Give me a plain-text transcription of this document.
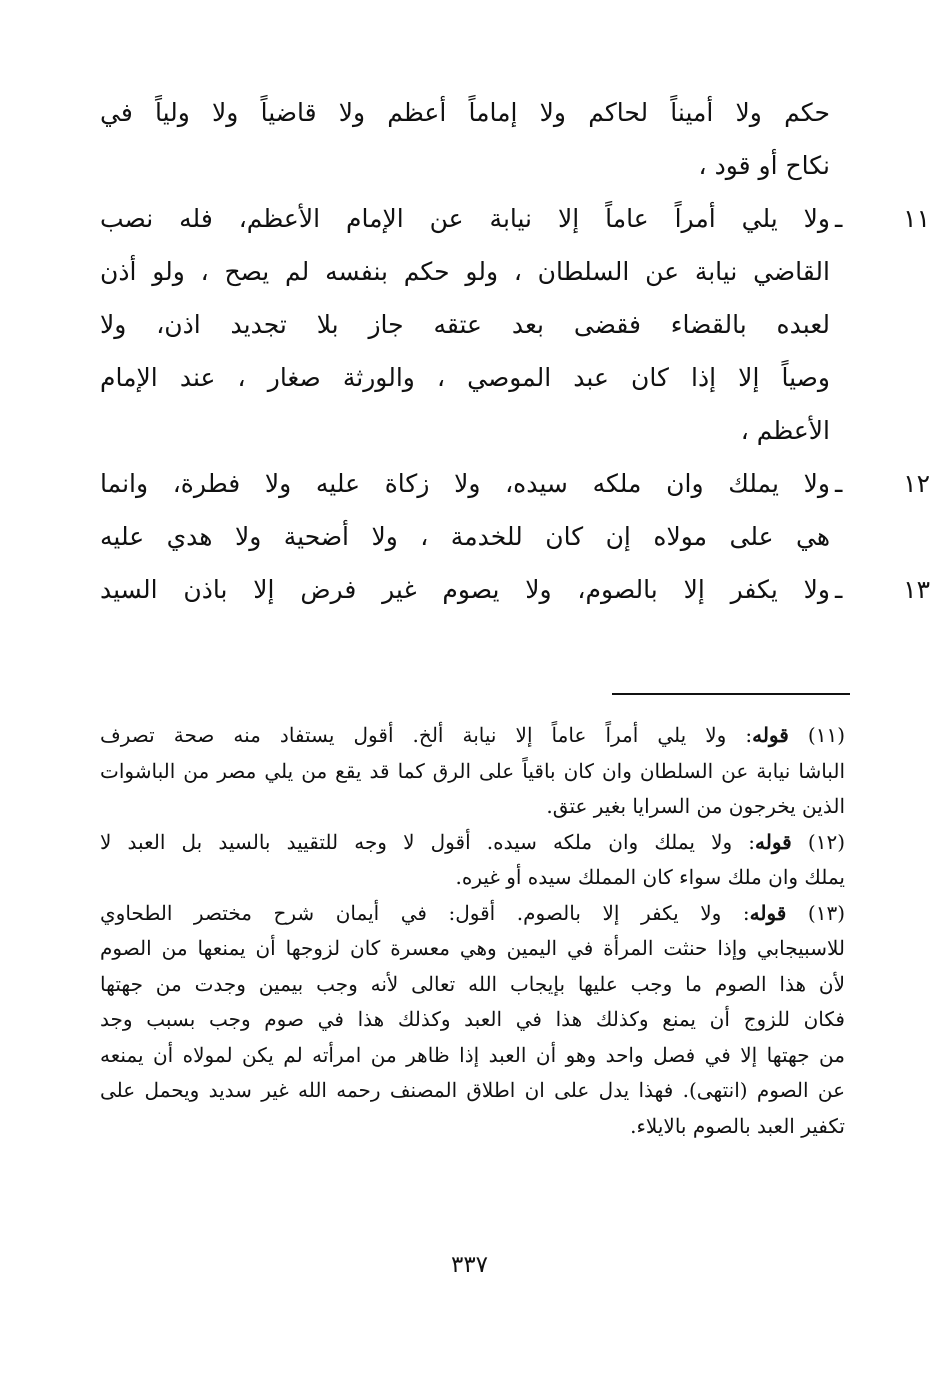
حكم ولا أميناً لحاكم ولا إماماً أعظم ولا قاضياً ولا ولياً في
نكاح أو قود ،
١١ ـ
ولا يلي أمراً عاماً إلا نيابة عن الإمام الأعظم، فله نصب
القاضي نيابة عن السلطان ، ولو حكم بنفسه لم يصح ، ولو أذن
لعبده بالقضاء فقضى بعد عتقه جاز بلا تجديد اذن، ولا
وصياً إلا إذا كان عبد الموصي ، والورثة صغار ، عند الإمام
الأعظم ،
١٢ ـ
ولا يملك وان ملكه سيده، ولا زكاة عليه ولا فطرة، وانما
هي على مولاه إن كان للخدمة ، ولا أضحية ولا هدي عليه
١٣ ـ
ولا يكفر إلا بالصوم، ولا يصوم غير فرض إلا باذن السيد
(١١) قوله: ولا يلي أمراً عاماً إلا نيابة ألخ. أقول يستفاد منه صحة تصرف
الباشا نيابة عن السلطان وان كان باقياً على الرق كما قد يقع من يلي مصر من الباشوات
الذين يخرجون من السرايا بغير عتق.
(١٢) قوله: ولا يملك وان ملكه سيده. أقول لا وجه للتقييد بالسيد بل العبد لا
يملك وان ملك سواء كان المملك سيده أو غيره.
(١٣) قوله: ولا يكفر إلا بالصوم. أقول: في أيمان شرح مختصر الطحاوي
للاسبيجابي وإذا حنثت المرأة في اليمين وهي معسرة كان لزوجها أن يمنعها من الصوم
لأن هذا الصوم ما وجب عليها بإيجاب الله تعالى لأنه وجب بيمين وجدت من جهتها
فكان للزوج أن يمنع وكذلك هذا في العبد وكذلك هذا في صوم وجب بسبب وجد
من جهتها إلا في فصل واحد وهو أن العبد إذا ظاهر من امرأته لم يكن لمولاه أن يمنعه
عن الصوم (انتهى). فهذا يدل على ان اطلاق المصنف رحمه الله غير سديد ويحمل على
تكفير العبد بالصوم بالايلاء.
٣٣٧
